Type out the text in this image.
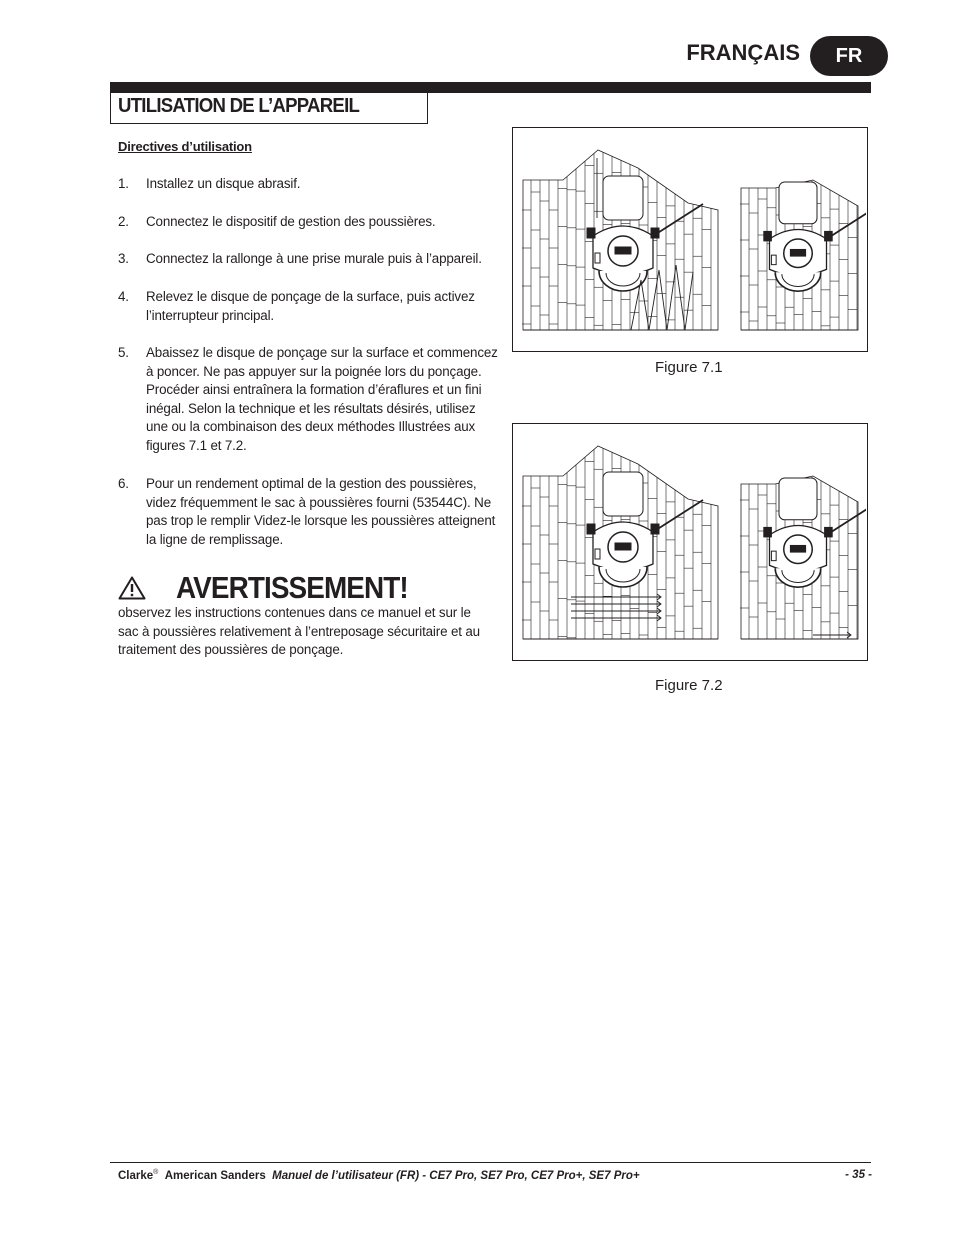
FRANÇAIS	FR
UTILISATION DE L’APPAREIL
Directives d’utilisation
1. Installez un disque abrasif.
2. Connectez le dispositif de gestion des poussières.
3. Connectez la rallonge à une prise murale puis à l’appareil.
4. Relevez le disque de ponçage de la surface, puis activez l’interrupteur principal.
5. Abaissez le disque de ponçage sur la surface et commencez à poncer. Ne pas appuyer sur la poignée lors du ponçage. Procéder ainsi entraînera la formation d’éraflures et un fini inégal. Selon la technique et les résultats désirés, utilisez une ou la combinaison des deux méthodes Illustrées aux figures 7.1 et 7.2.
6. Pour un rendement optimal de la gestion des poussières, videz fréquemment le sac à poussières fourni (53544C). Ne pas trop le remplir Videz-le lorsque les poussières atteignent la ligne de remplissage.
AVERTISSEMENT!
observez les instructions contenues dans ce manuel et sur le sac à poussières relativement à l’entreposage sécuritaire et au traitement des poussières de ponçage.
Figure 7.1
Figure 7.2
Clarke® American Sanders Manuel de l’utilisateur (FR) - CE7 Pro, SE7 Pro, CE7 Pro+, SE7 Pro+	- 35 -
